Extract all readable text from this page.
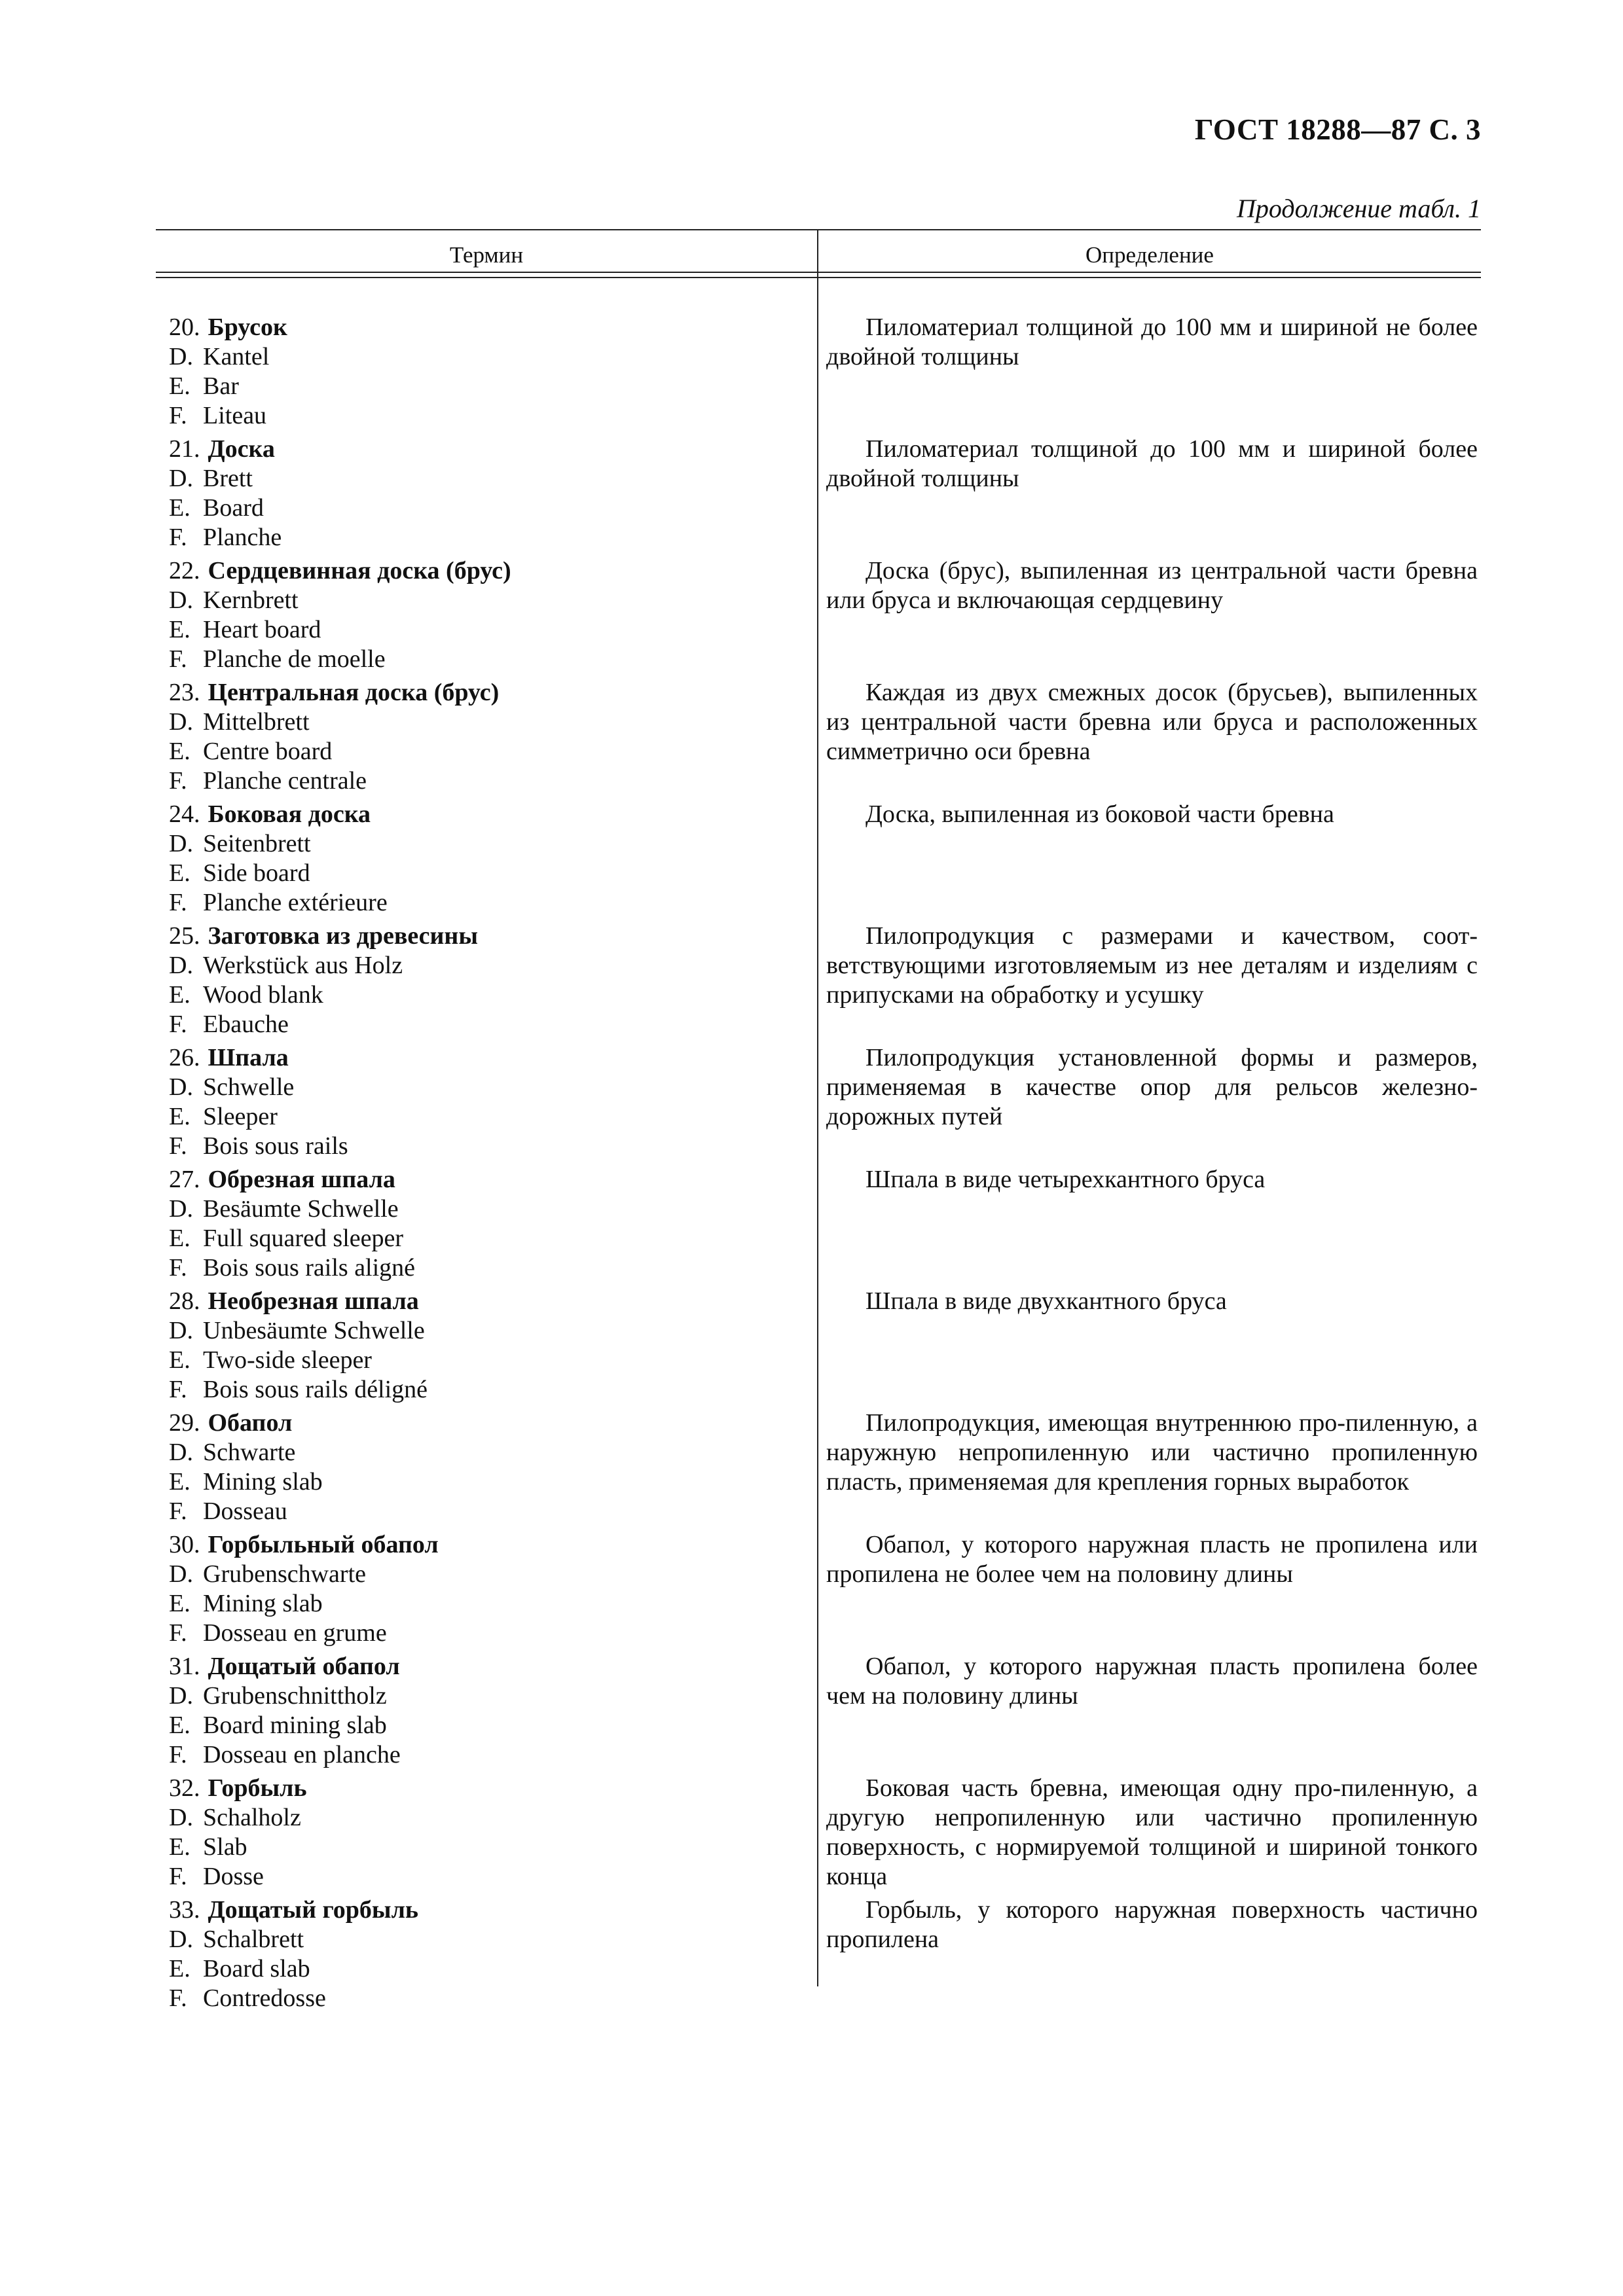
ГОСТ 18288—87 С. 3
Продолжение табл. 1
Термин	Определение
20. Брусок
D. Kantel
E. Bar
F. Liteau
Пиломатериал толщиной до 100 мм и шириной не более двойной толщины
21. Доска
D. Brett
E. Board
F. Planche
Пиломатериал толщиной до 100 мм и шириной более двойной толщины
22. Сердцевинная доска (брус)
D. Kernbrett
E. Heart board
F. Planche de moelle
Доска (брус), выпиленная из центральной части бревна или бруса и включающая сердцевину
23. Центральная доска (брус)
D. Mittelbrett
E. Centre board
F. Planche centrale
Каждая из двух смежных досок (брусьев), выпиленных из центральной части бревна или бруса и расположенных симметрично оси бревна
24. Боковая доска
D. Seitenbrett
E. Side board
F. Planche extérieure
Доска, выпиленная из боковой части бревна
25. Заготовка из древесины
D. Werkstück aus Holz
E. Wood blank
F. Ebauche
Пилопродукция с размерами и качеством, соот-ветствующими изготовляемым из нее деталям и изделиям с припусками на обработку и усушку
26. Шпала
D. Schwelle
E. Sleeper
F. Bois sous rails
Пилопродукция установленной формы и размеров, применяемая в качестве опор для рельсов железно-дорожных путей
27. Обрезная шпала
D. Besäumte Schwelle
E. Full squared sleeper
F. Bois sous rails aligné
Шпала в виде четырехкантного бруса
28. Необрезная шпала
D. Unbesäumte Schwelle
E. Two-side sleeper
F. Bois sous rails déligné
Шпала в виде двухкантного бруса
29. Обапол
D. Schwarte
E. Mining slab
F. Dosseau
Пилопродукция, имеющая внутреннюю про-пиленную, а наружную непропиленную или частично пропиленную пласть, применяемая для крепления горных выработок
30. Горбыльный обапол
D. Grubenschwarte
E. Mining slab
F. Dosseau en grume
Обапол, у которого наружная пласть не пропилена или пропилена не более чем на половину длины
31. Дощатый обапол
D. Grubenschnittholz
E. Board mining slab
F. Dosseau en planche
Обапол, у которого наружная пласть пропилена более чем на половину длины
32. Горбыль
D. Schalholz
E. Slab
F. Dosse
Боковая часть бревна, имеющая одну про-пиленную, а другую непропиленную или частично пропиленную поверхность, с нормируемой толщиной и шириной тонкого конца
33. Дощатый горбыль
D. Schalbrett
E. Board slab
F. Contredosse
Горбыль, у которого наружная поверхность частично пропилена
